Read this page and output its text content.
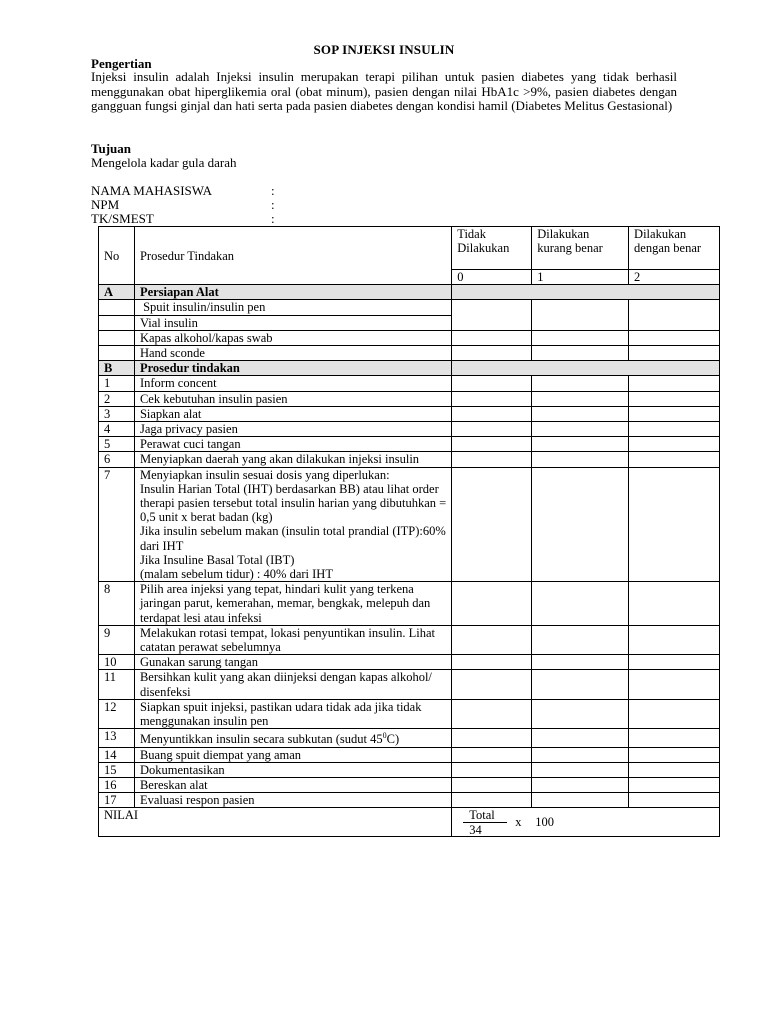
SOP INJEKSI INSULIN
Pengertian
Injeksi insulin adalah Injeksi insulin merupakan terapi pilihan untuk pasien diabetes yang tidak berhasil menggunakan obat hiperglikemia oral (obat minum), pasien dengan nilai HbA1c >9%, pasien diabetes dengan gangguan fungsi ginjal dan hati serta pada pasien diabetes dengan kondisi hamil (Diabetes Melitus Gestasional)
Tujuan
Mengelola kadar gula darah
NAMA MAHASISWA	:
NPM	:
TK/SMEST	:
No	Prosedur Tindakan	Tidak Dilakukan	Dilakukan kurang benar	Dilakukan dengan benar
		0	1	2
A	Persiapan Alat			
	Spuit insulin/insulin pen			
	Vial insulin			
	Kapas alkohol/kapas swab			
	Hand sconde			
B	Prosedur tindakan			
1	Inform concent			
2	Cek kebutuhan insulin pasien			
3	Siapkan alat			
4	Jaga privacy pasien			
5	Perawat cuci tangan			
6	Menyiapkan daerah yang akan dilakukan injeksi insulin			
7	Menyiapkan insulin sesuai dosis yang diperlukan:
Insulin Harian Total (IHT) berdasarkan BB) atau lihat order therapi pasien tersebut total insulin harian yang dibutuhkan = 0,5 unit x berat badan (kg)
Jika insulin sebelum makan (insulin total prandial (ITP):60% dari IHT
Jika Insuline Basal Total (IBT)
(malam sebelum tidur) : 40% dari IHT			

8	Pilih area injeksi yang tepat, hindari kulit yang terkena jaringan parut, kemerahan, memar, bengkak, melepuh dan terdapat lesi atau infeksi			
9	Melakukan rotasi tempat, lokasi penyuntikan insulin. Lihat catatan perawat sebelumnya			
10	Gunakan sarung tangan			
11	Bersihkan kulit yang akan diinjeksi dengan kapas alkohol/ disenfeksi			
12	Siapkan spuit injeksi, pastikan udara tidak ada jika tidak menggunakan insulin pen			
13	Menyuntikkan insulin secara subkutan (sudut $45^0C$)			
14	Buang spuit diempat yang aman			
15	Dokumentasikan			
16	Bereskan alat			
17	Evaluasi respon pasien			
NILAI		Total
34
x 100		
